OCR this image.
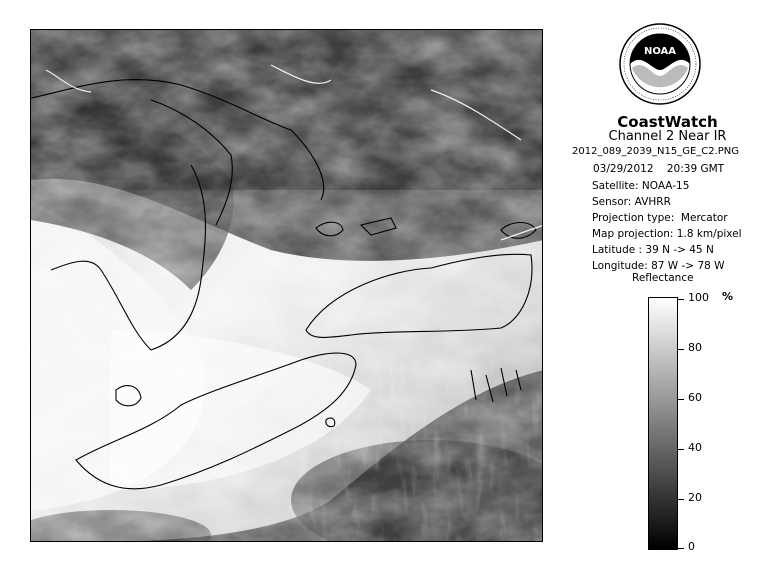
NOAA
CoastWatch
Channel 2 Near IR
2012_089_2039_N15_GE_C2.PNG
03/29/2012    20:39 GMT
Satellite: NOAA-15
Sensor: AVHRR
Projection type:  Mercator
Map projection: 1.8 km/pixel
Latitude : 39 N -> 45 N
Longitude: 87 W -> 78 W
Reflectance
%
100
80
60
40
20
0
